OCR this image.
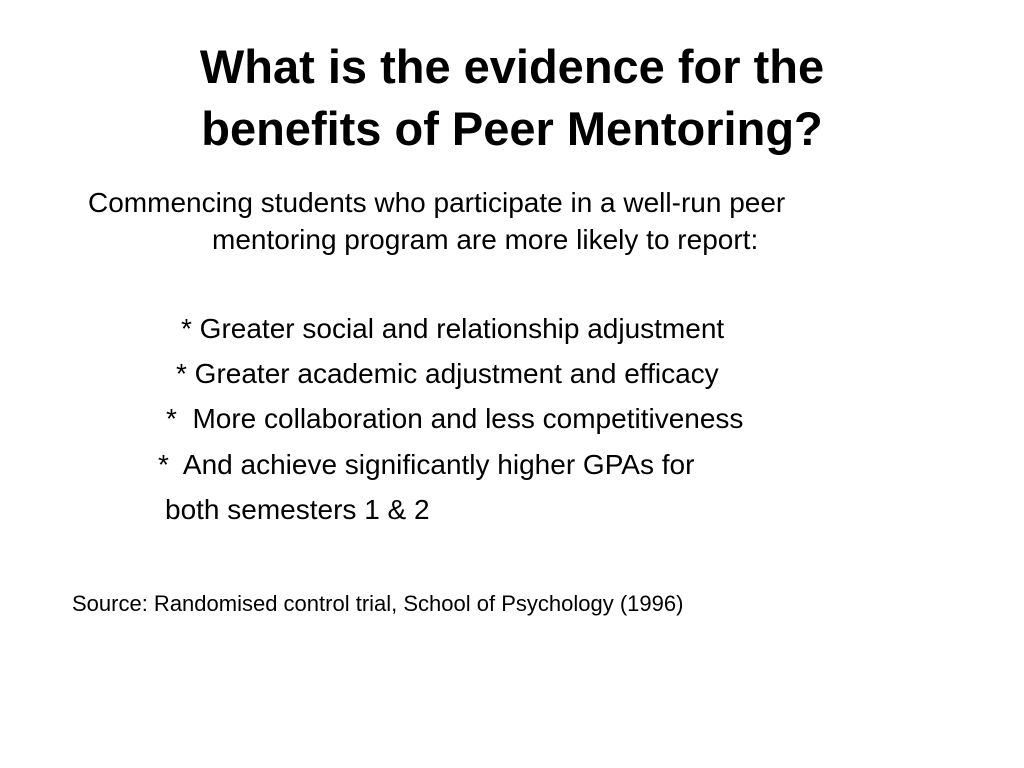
What is the evidence for the
benefits of Peer Mentoring?
Commencing students who participate in a well-run peer
mentoring program are more likely to report:
* Greater social and relationship adjustment
* Greater academic adjustment and efficacy
*  More collaboration and less competitiveness
*  And achieve significantly higher GPAs for
both semesters 1 & 2
Source: Randomised control trial, School of Psychology (1996)
